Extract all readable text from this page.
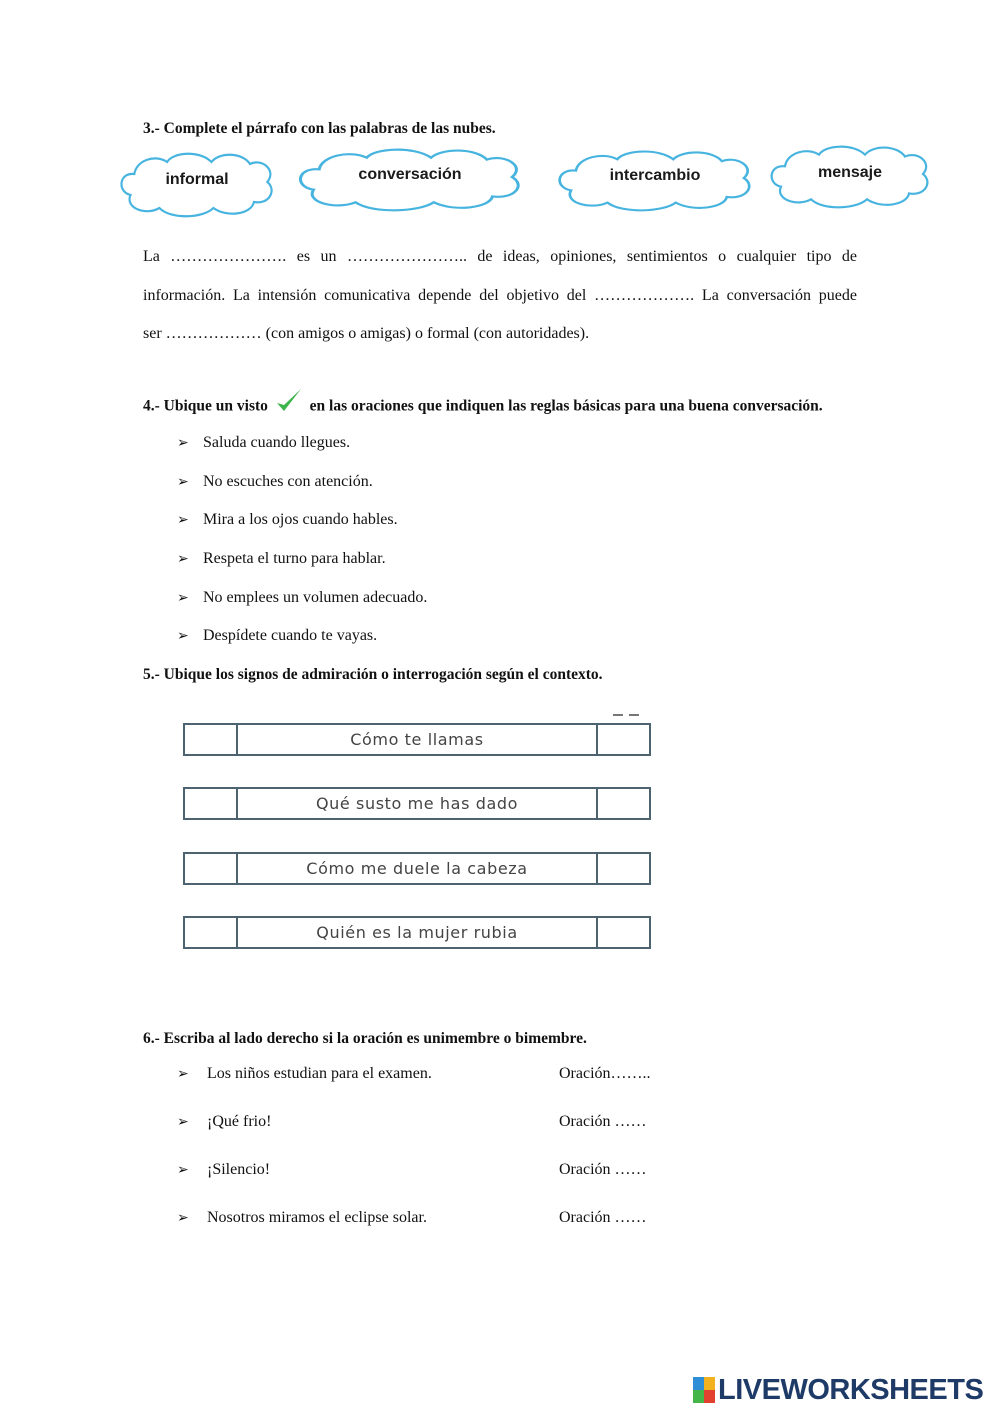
3.- Complete el párrafo con las palabras de las nubes.
informal	conversación	intercambio	mensaje
La …………………. es un ………………….. de ideas, opiniones, sentimientos o cualquier tipo de
información. La intensión comunicativa depende del objetivo del ………………. La conversación puede
ser ……………… (con amigos o amigas) o formal (con autoridades).
4.- Ubique un visto	en las oraciones que indiquen las reglas básicas para una buena conversación.
➢ Saluda cuando llegues.
➢ No escuches con atención.
➢ Mira a los ojos cuando hables.
➢ Respeta el turno para hablar.
➢ No emplees un volumen adecuado.
➢ Despídete cuando te vayas.
5.- Ubique los signos de admiración o interrogación según el contexto.
Cómo te llamas
Qué susto me has dado
Cómo me duele la cabeza
Quién es la mujer rubia
6.- Escriba al lado derecho si la oración es unimembre o bimembre.
➢ Los niños estudian para el examen.	Oración……..
➢ ¡Qué frio!	Oración ……
➢ ¡Silencio!	Oración ……
➢ Nosotros miramos el eclipse solar.	Oración ……
LIVEWORKSHEETS
